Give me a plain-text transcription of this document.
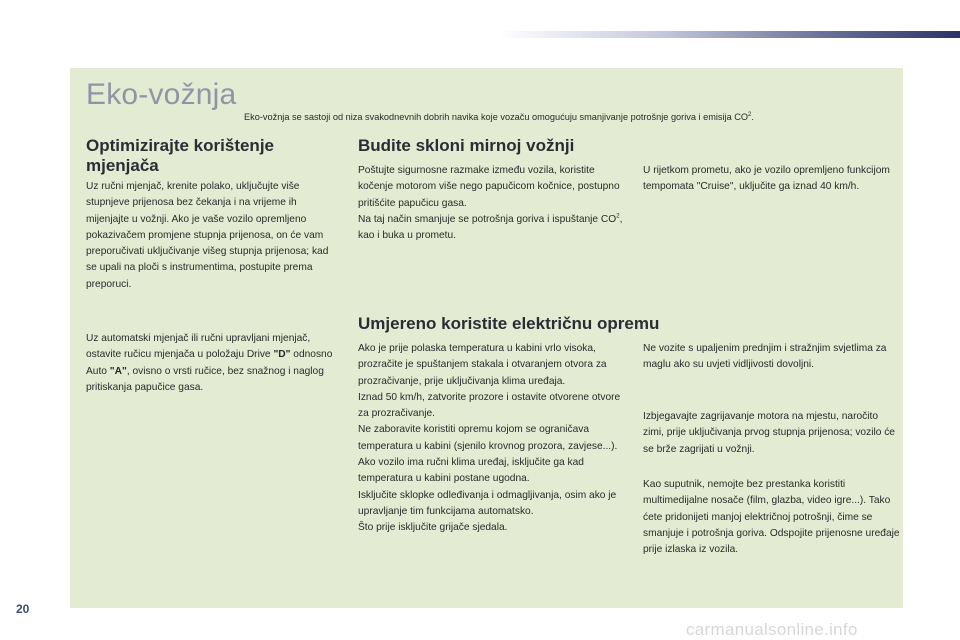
Eko-vožnja

Eko-vožnja se sastoji od niza svakodnevnih dobrih navika koje vozaču omogućuju smanjivanje potrošnje goriva i emisija $CO^2$.

Optimizirajte korištenje
mjenjača

Uz ručni mjenjač, krenite polako, uključujte više stupnjeve prijenosa bez čekanja i na vrijeme ih mijenjajte u vožnji. Ako je vaše vozilo opremljeno pokazivačem promjene stupnja prijenosa, on će vam preporučivati uključivanje višeg stupnja prijenosa; kad se upali na ploči s instrumentima, postupite prema preporuci.

Uz automatski mjenjač ili ručni upravljani mjenjač, ostavite ručicu mjenjača u položaju Drive "D" odnosno Auto "A", ovisno o vrsti ručice, bez snažnog i naglog pritiskanja papučice gasa.

Budite skloni mirnoj vožnji

Poštujte sigurnosne razmake između vozila, koristite kočenje motorom više nego papučicom kočnice, postupno pritišćite papučicu gasa.
Na taj način smanjuje se potrošnja goriva i ispuštanje $CO^2$, kao i buka u prometu.

U rijetkom prometu, ako je vozilo opremljeno funkcijom tempomata "Cruise", uključite ga iznad 40 km/h.

Umjereno koristite električnu opremu

Ako je prije polaska temperatura u kabini vrlo visoka, prozračite je spuštanjem stakala i otvaranjem otvora za prozračivanje, prije uključivanja klima uređaja.
Iznad 50 km/h, zatvorite prozore i ostavite otvorene otvore za prozračivanje.
Ne zaboravite koristiti opremu kojom se ograničava temperatura u kabini (sjenilo krovnog prozora, zavjese...).
Ako vozilo ima ručni klima uređaj, isključite ga kad temperatura u kabini postane ugodna.
Isključite sklopke odleđivanja i odmagljivanja, osim ako je upravljanje tim funkcijama automatsko.
Što prije isključite grijače sjedala.

Ne vozite s upaljenim prednjim i stražnjim svjetlima za maglu ako su uvjeti vidljivosti dovoljni.

Izbjegavajte zagrijavanje motora na mjestu, naročito zimi, prije uključivanja prvog stupnja prijenosa; vozilo će se brže zagrijati u vožnji.

Kao suputnik, nemojte bez prestanka koristiti multimedijalne nosače (film, glazba, video igre...). Tako ćete pridonijeti manjoj električnoj potrošnji, čime se smanjuje i potrošnja goriva. Odspojite prijenosne uređaje prije izlaska iz vozila.

20
carmanualsonline.info
